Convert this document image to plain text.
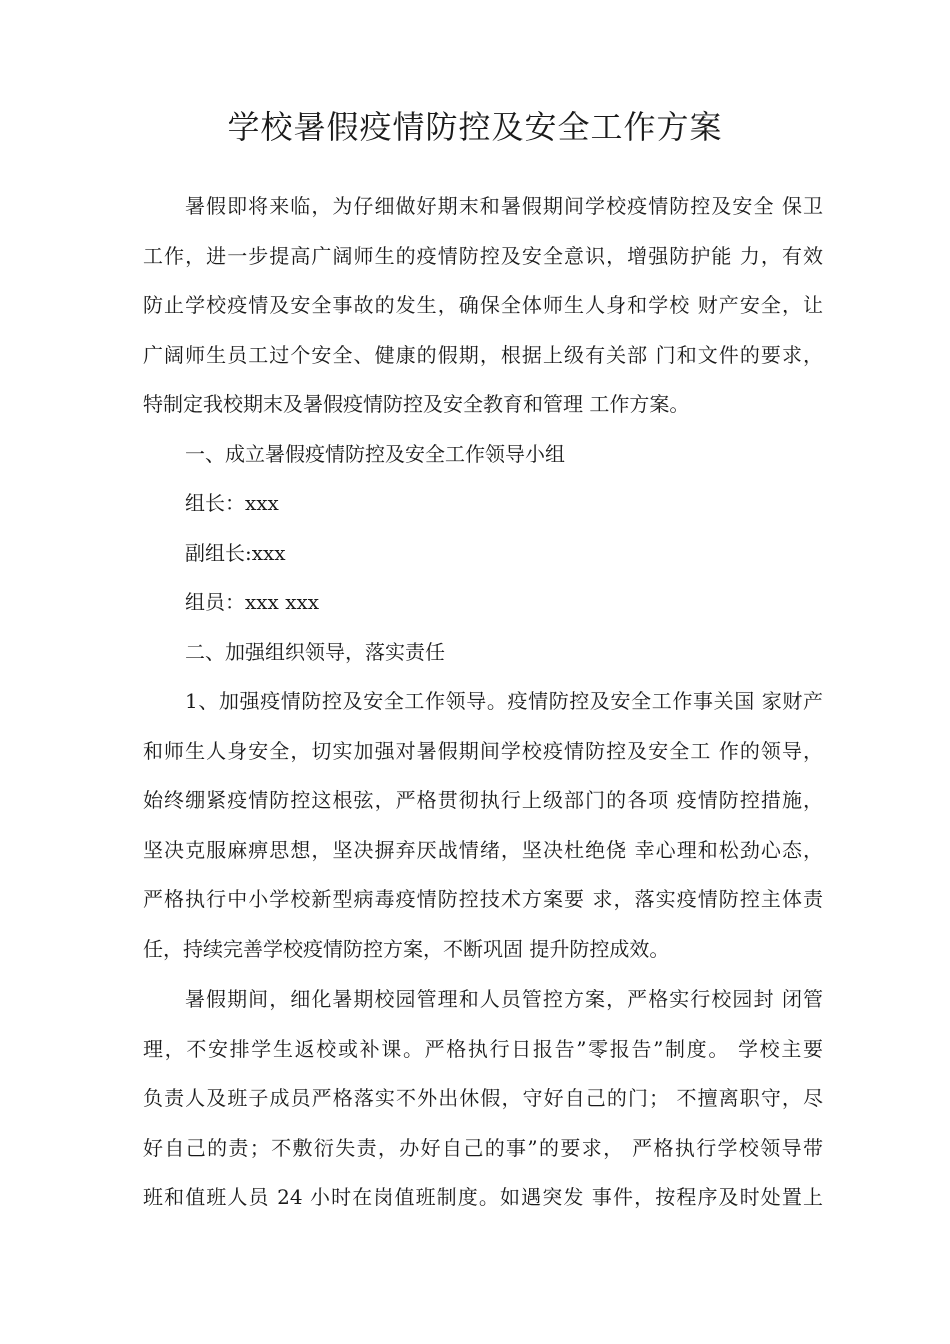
学校暑假疫情防控及安全工作方案

暑假即将来临，为仔细做好期末和暑假期间学校疫情防控及安全 保卫
工作，进一步提高广阔师生的疫情防控及安全意识，增强防护能 力，有效
防止学校疫情及安全事故的发生，确保全体师生人身和学校 财产安全，让
广阔师生员工过个安全、健康的假期，根据上级有关部 门和文件的要求，
特制定我校期末及暑假疫情防控及安全教育和管理 工作方案。

一、成立暑假疫情防控及安全工作领导小组
组长：xxx
副组长:xxx
组员：xxx xxx
二、加强组织领导，落实责任

1、加强疫情防控及安全工作领导。疫情防控及安全工作事关国 家财产
和师生人身安全，切实加强对暑假期间学校疫情防控及安全工 作的领导，
始终绷紧疫情防控这根弦，严格贯彻执行上级部门的各项 疫情防控措施，
坚决克服麻痹思想，坚决摒弃厌战情绪，坚决杜绝侥 幸心理和松劲心态，
严格执行中小学校新型病毒疫情防控技术方案要 求，落实疫情防控主体责
任，持续完善学校疫情防控方案，不断巩固 提升防控成效。

暑假期间，细化暑期校园管理和人员管控方案，严格实行校园封 闭管
理，不安排学生返校或补课。严格执行日报告”零报告”制度。 学校主要
负责人及班子成员严格落实不外出休假，守好自己的门； 不擅离职守，尽
好自己的责；不敷衍失责，办好自己的事”的要求， 严格执行学校领导带
班和值班人员 24 小时在岗值班制度。如遇突发 事件，按程序及时处置上
